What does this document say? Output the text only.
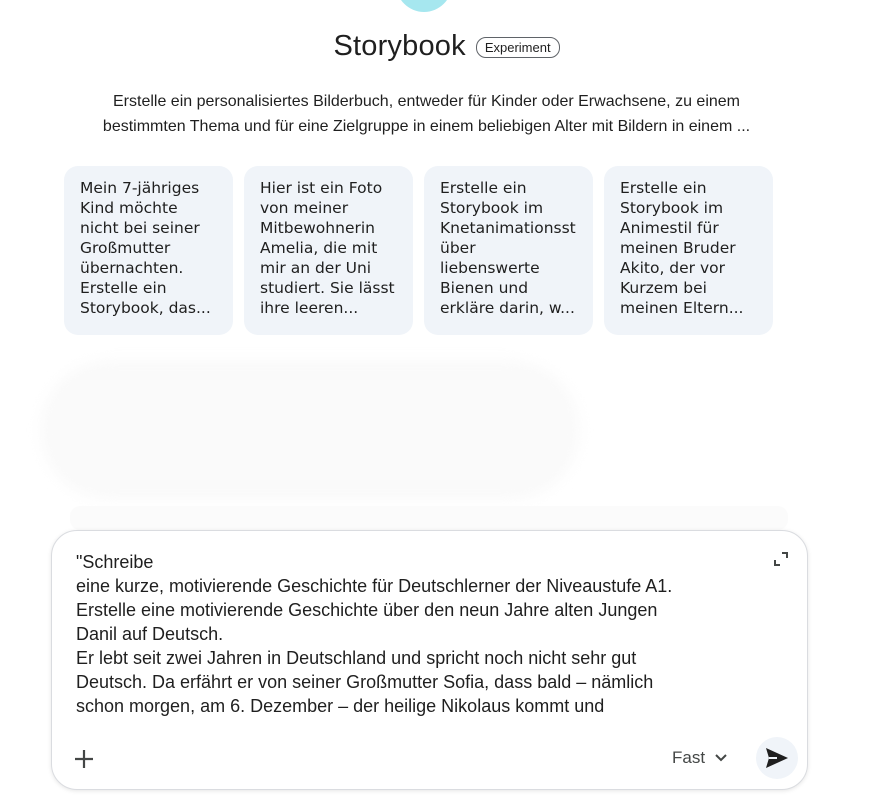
Storybook	Experiment
Erstelle ein personalisiertes Bilderbuch, entweder für Kinder oder Erwachsene, zu einem
bestimmten Thema und für eine Zielgruppe in einem beliebigen Alter mit Bildern in einem ...
Mein 7-jähriges
Kind möchte
nicht bei seiner
Großmutter
übernachten.
Erstelle ein
Storybook, das...
Hier ist ein Foto
von meiner
Mitbewohnerin
Amelia, die mit
mir an der Uni
studiert. Sie lässt
ihre leeren...
Erstelle ein
Storybook im
Knetanimationsst
über
liebenswerte
Bienen und
erkläre darin, w...
Erstelle ein
Storybook im
Animestil für
meinen Bruder
Akito, der vor
Kurzem bei
meinen Eltern...
"Schreibe
eine kurze, motivierende Geschichte für Deutschlerner der Niveaustufe A1.
Erstelle eine motivierende Geschichte über den neun Jahre alten Jungen
Danil auf Deutsch.
Er lebt seit zwei Jahren in Deutschland und spricht noch nicht sehr gut
Deutsch. Da erfährt er von seiner Großmutter Sofia, dass bald – nämlich
schon morgen, am 6. Dezember – der heilige Nikolaus kommt und
Fast
